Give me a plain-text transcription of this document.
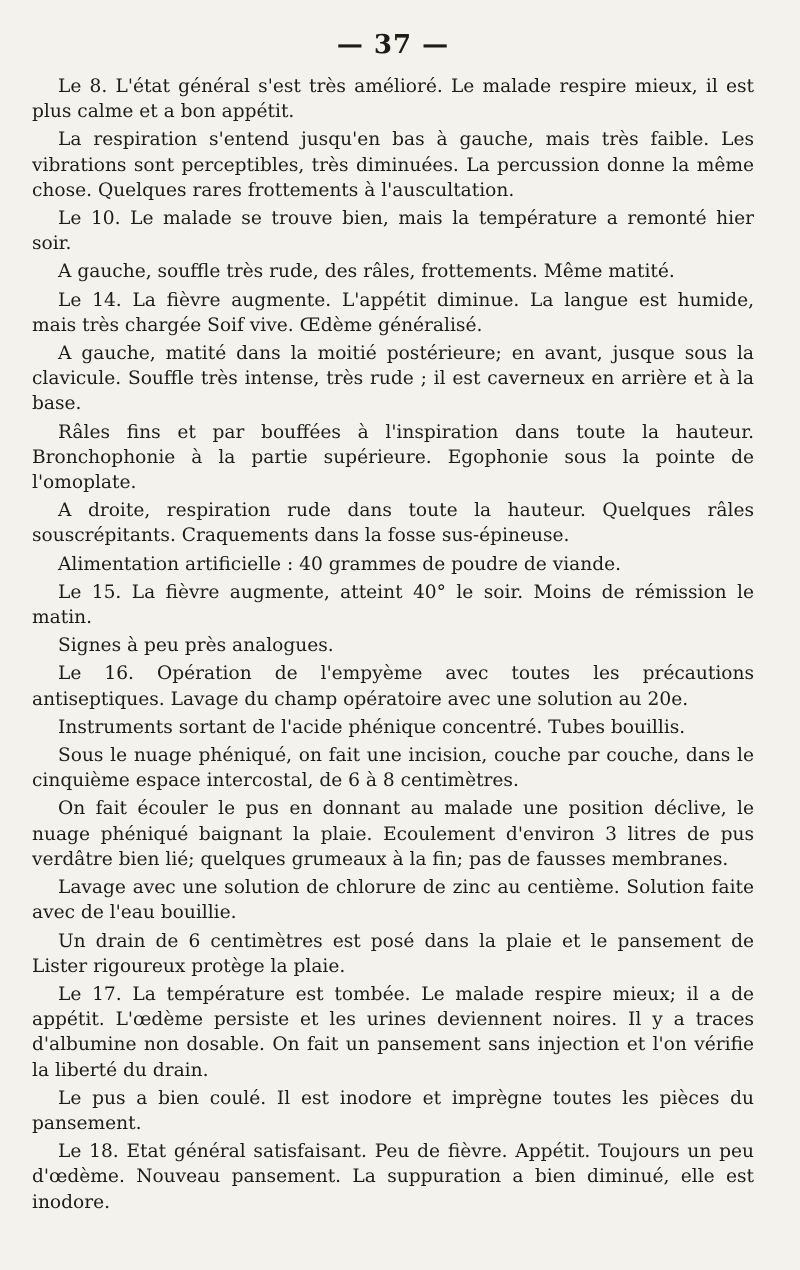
— 37 —

Le 8. L'état général s'est très amélioré. Le malade respire mieux, il est plus calme et a bon appétit.

La respiration s'entend jusqu'en bas à gauche, mais très faible. Les vibrations sont perceptibles, très diminuées. La percussion donne la même chose. Quelques rares frottements à l'auscultation.

Le 10. Le malade se trouve bien, mais la température a remonté hier soir.

A gauche, souffle très rude, des râles, frottements. Même matité.

Le 14. La fièvre augmente. L'appétit diminue. La langue est humide, mais très chargée Soif vive. Œdème généralisé.

A gauche, matité dans la moitié postérieure; en avant, jusque sous la clavicule. Souffle très intense, très rude ; il est caverneux en arrière et à la base.

Râles fins et par bouffées à l'inspiration dans toute la hauteur. Bronchophonie à la partie supérieure. Egophonie sous la pointe de l'omoplate.

A droite, respiration rude dans toute la hauteur. Quelques râles souscrépitants. Craquements dans la fosse sus-épineuse.

Alimentation artificielle : 40 grammes de poudre de viande.

Le 15. La fièvre augmente, atteint 40° le soir. Moins de rémission le matin.

Signes à peu près analogues.

Le 16. Opération de l'empyème avec toutes les précautions antiseptiques. Lavage du champ opératoire avec une solution au 20e.

Instruments sortant de l'acide phénique concentré. Tubes bouillis.

Sous le nuage phéniqué, on fait une incision, couche par couche, dans le cinquième espace intercostal, de 6 à 8 centimètres.

On fait écouler le pus en donnant au malade une position déclive, le nuage phéniqué baignant la plaie. Ecoulement d'environ 3 litres de pus verdâtre bien lié; quelques grumeaux à la fin; pas de fausses membranes.

Lavage avec une solution de chlorure de zinc au centième. Solution faite avec de l'eau bouillie.

Un drain de 6 centimètres est posé dans la plaie et le pansement de Lister rigoureux protège la plaie.

Le 17. La température est tombée. Le malade respire mieux; il a de appétit. L'œdème persiste et les urines deviennent noires. Il y a traces d'albumine non dosable. On fait un pansement sans injection et l'on vérifie la liberté du drain.

Le pus a bien coulé. Il est inodore et imprègne toutes les pièces du pansement.

Le 18. Etat général satisfaisant. Peu de fièvre. Appétit. Toujours un peu d'œdème. Nouveau pansement. La suppuration a bien diminué, elle est inodore.
